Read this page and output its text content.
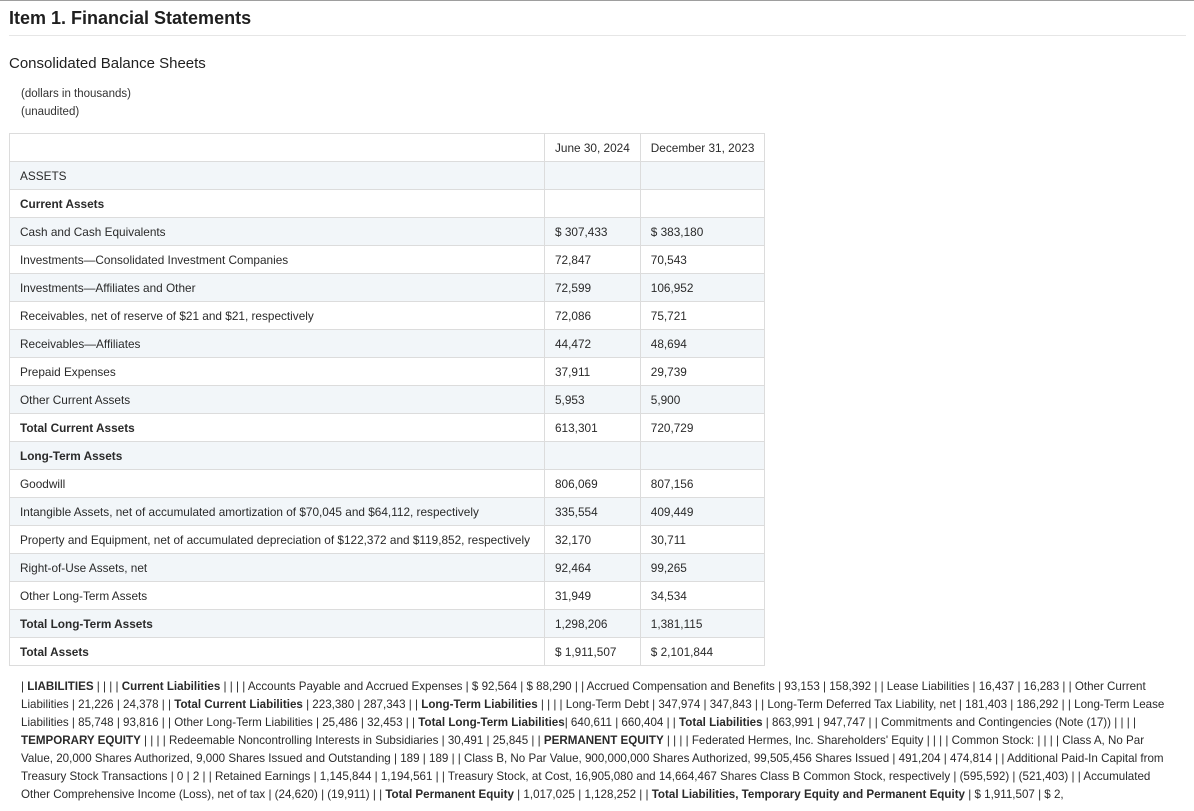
Item 1. Financial Statements
Consolidated Balance Sheets
(dollars in thousands)
(unaudited)
	June 30, 2024	December 31, 2023
ASSETS		
Current Assets		
Cash and Cash Equivalents	$ 307,433	$ 383,180
Investments—Consolidated Investment Companies	72,847	70,543
Investments—Affiliates and Other	72,599	106,952
Receivables, net of reserve of $21 and $21, respectively	72,086	75,721
Receivables—Affiliates	44,472	48,694
Prepaid Expenses	37,911	29,739
Other Current Assets	5,953	5,900
Total Current Assets	613,301	720,729
Long-Term Assets		
Goodwill	806,069	807,156
Intangible Assets, net of accumulated amortization of $70,045 and $64,112, respectively	335,554	409,449
Property and Equipment, net of accumulated depreciation of $122,372 and $119,852, respectively	32,170	30,711
Right-of-Use Assets, net	92,464	99,265
Other Long-Term Assets	31,949	34,534
Total Long-Term Assets	1,298,206	1,381,115
Total Assets	$ 1,911,507	$ 2,101,844
| LIABILITIES | | | | Current Liabilities | | | | Accounts Payable and Accrued Expenses | $ 92,564 | $ 88,290 | | Accrued Compensation and Benefits | 93,153 | 158,392 | | Lease Liabilities | 16,437 | 16,283 | | Other Current Liabilities | 21,226 | 24,378 | | Total Current Liabilities | 223,380 | 287,343 | | Long-Term Liabilities | | | | Long-Term Debt | 347,974 | 347,843 | | Long-Term Deferred Tax Liability, net | 181,403 | 186,292 | | Long-Term Lease Liabilities | 85,748 | 93,816 | | Other Long-Term Liabilities | 25,486 | 32,453 | | Total Long-Term Liabilities| 640,611 | 660,404 | | Total Liabilities | 863,991 | 947,747 | | Commitments and Contingencies (Note (17)) | | | | TEMPORARY EQUITY | | | | Redeemable Noncontrolling Interests in Subsidiaries | 30,491 | 25,845 | | PERMANENT EQUITY | | | | Federated Hermes, Inc. Shareholders' Equity | | | | Common Stock: | | | | Class A, No Par Value, 20,000 Shares Authorized, 9,000 Shares Issued and Outstanding | 189 | 189 | | Class B, No Par Value, 900,000,000 Shares Authorized, 99,505,456 Shares Issued | 491,204 | 474,814 | | Additional Paid-In Capital from Treasury Stock Transactions | 0 | 2 | | Retained Earnings | 1,145,844 | 1,194,561 | | Treasury Stock, at Cost, 16,905,080 and 14,664,467 Shares Class B Common Stock, respectively | (595,592) | (521,403) | | Accumulated Other Comprehensive Income (Loss), net of tax | (24,620) | (19,911) | | Total Permanent Equity | 1,017,025 | 1,128,252 | | Total Liabilities, Temporary Equity and Permanent Equity | $ 1,911,507 | $ 2,
